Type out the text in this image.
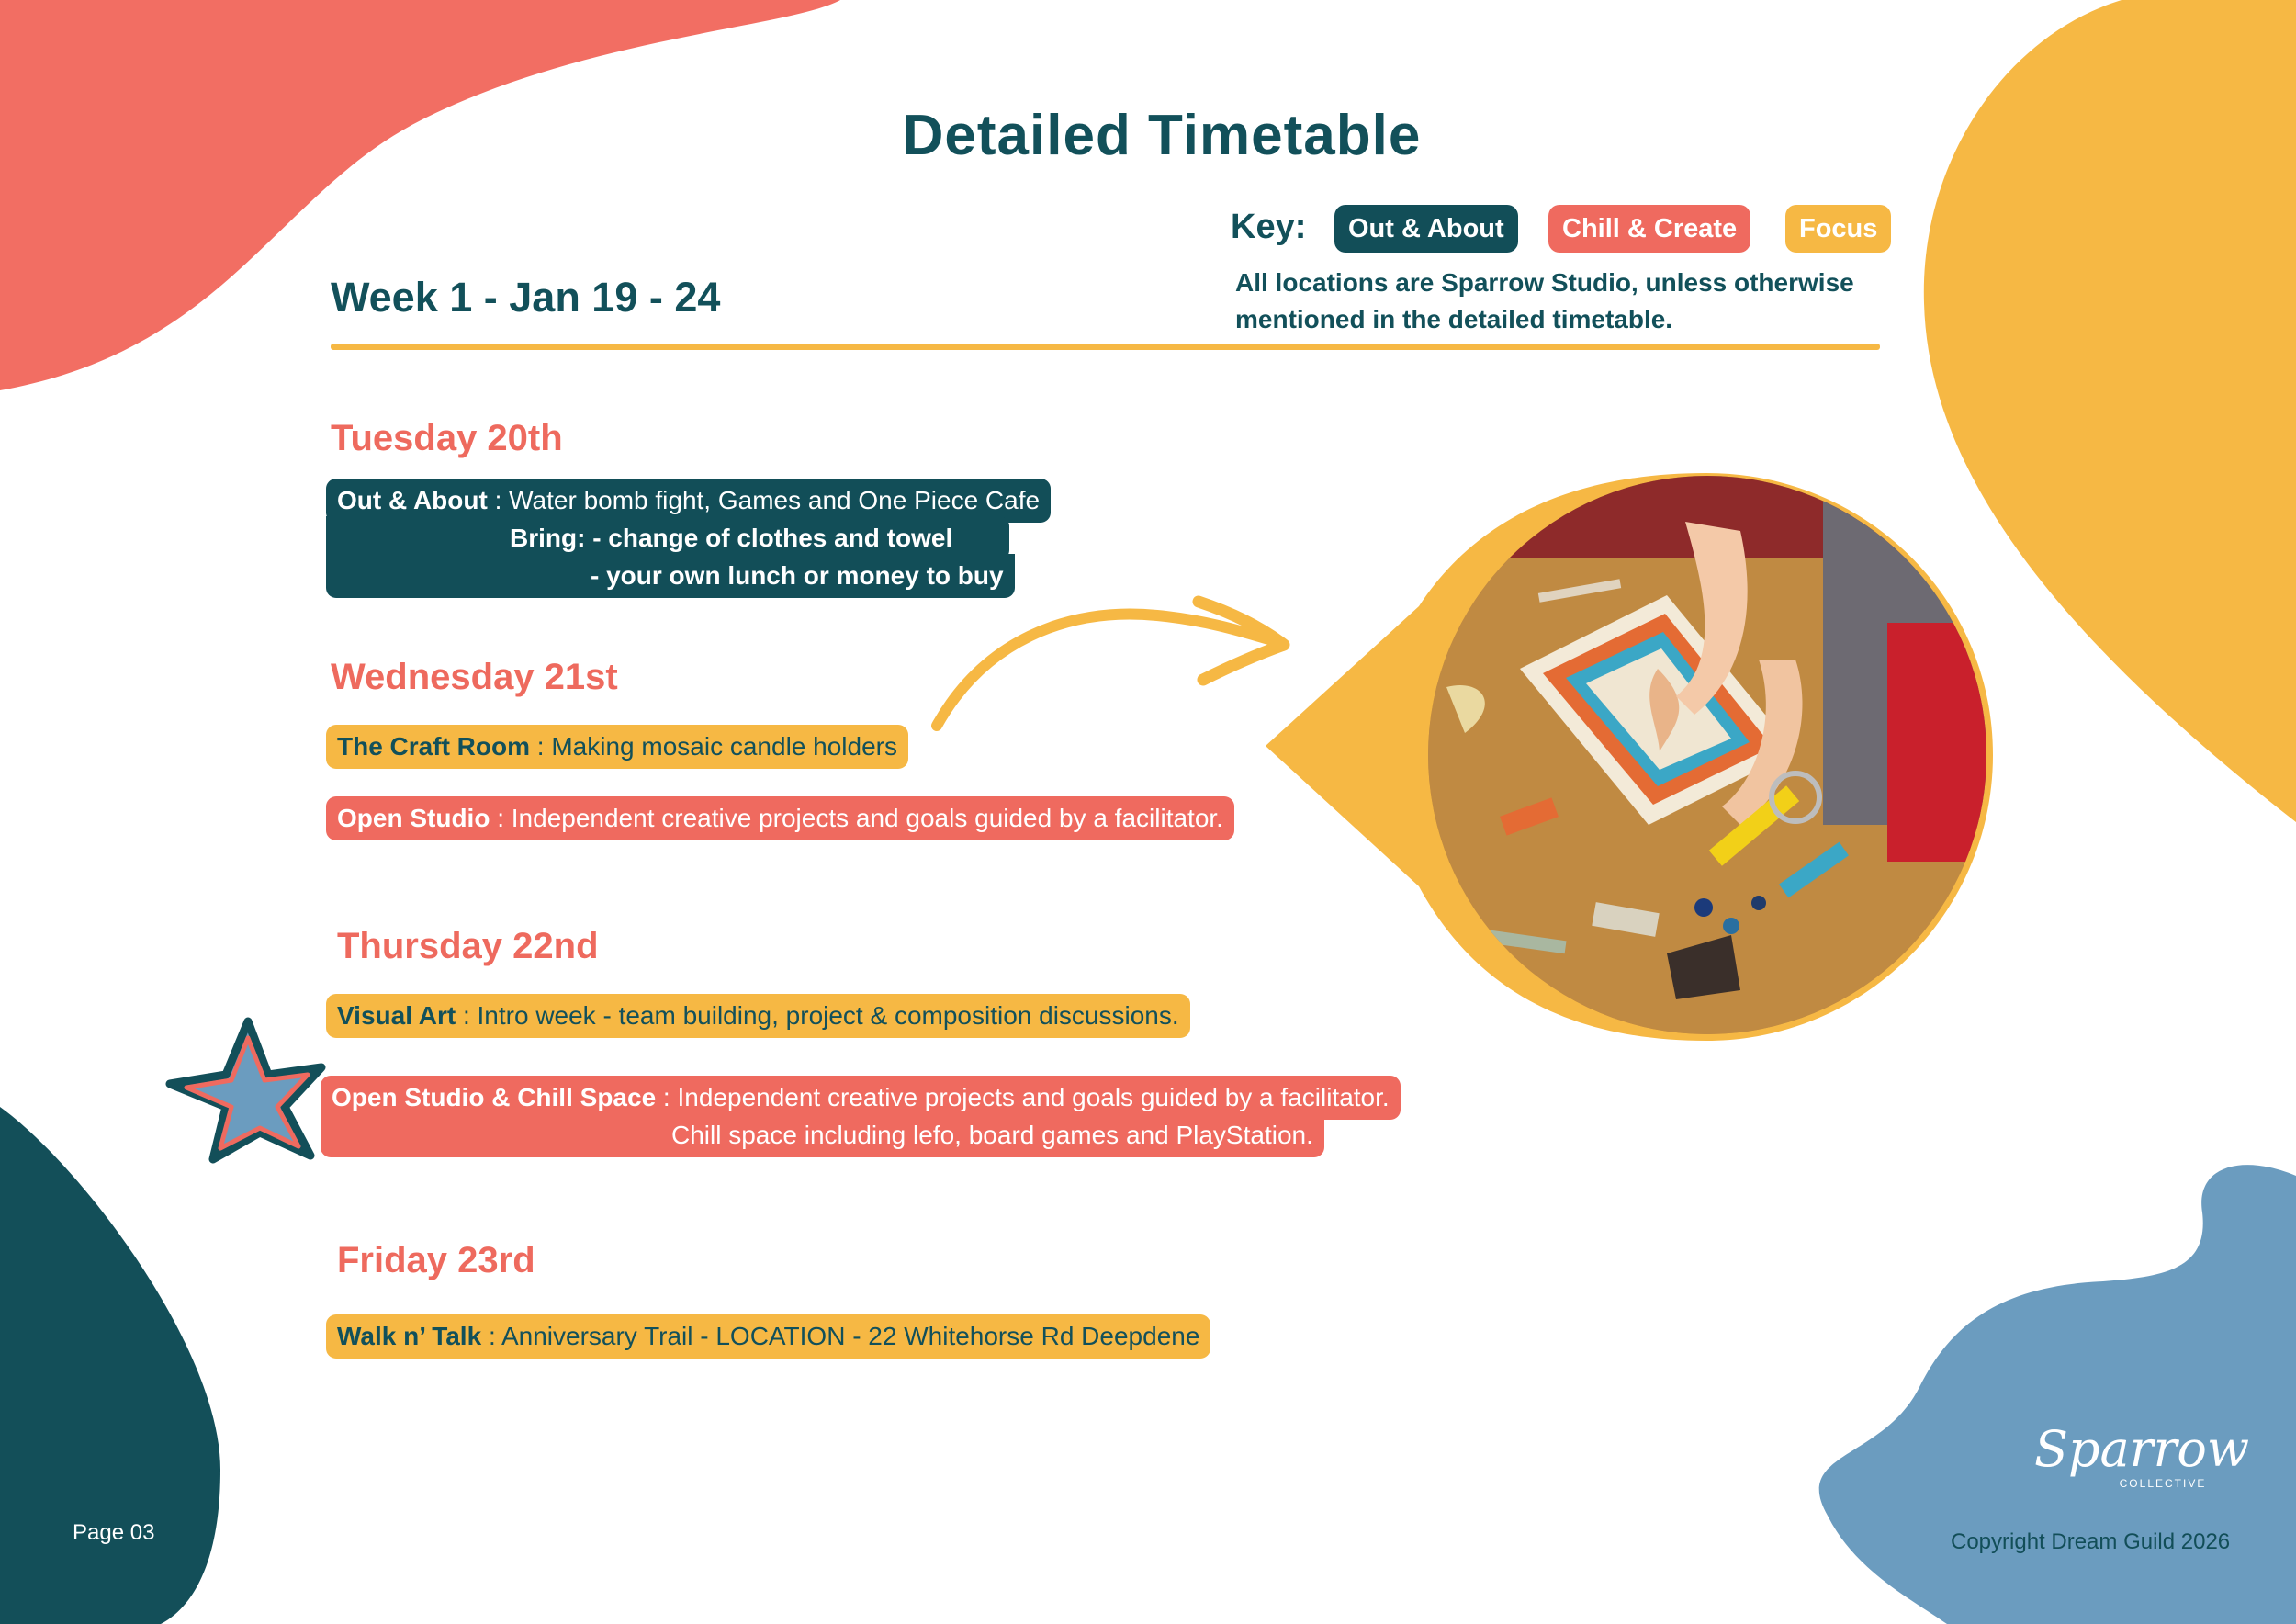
Detailed Timetable
Key:	Out & About	Chill & Create	Focus
All locations are Sparrow Studio, unless otherwise mentioned in the detailed timetable.
Week 1 - Jan 19 - 24
Tuesday 20th
Out & About : Water bomb fight, Games and One Piece Cafe
Bring: - change of clothes and towel
- your own lunch or money to buy
Wednesday 21st
The Craft Room : Making mosaic candle holders
Open Studio : Independent creative projects and goals guided by a facilitator.
Thursday 22nd
Visual Art : Intro week - team building, project & composition discussions.
Open Studio & Chill Space : Independent creative projects and goals guided by a facilitator.
Chill space including lefo, board games and PlayStation.
Friday 23rd
Walk n’ Talk : Anniversary Trail - LOCATION - 22 Whitehorse Rd Deepdene
Page 03
Sparrow
COLLECTIVE
Copyright Dream Guild 2026
